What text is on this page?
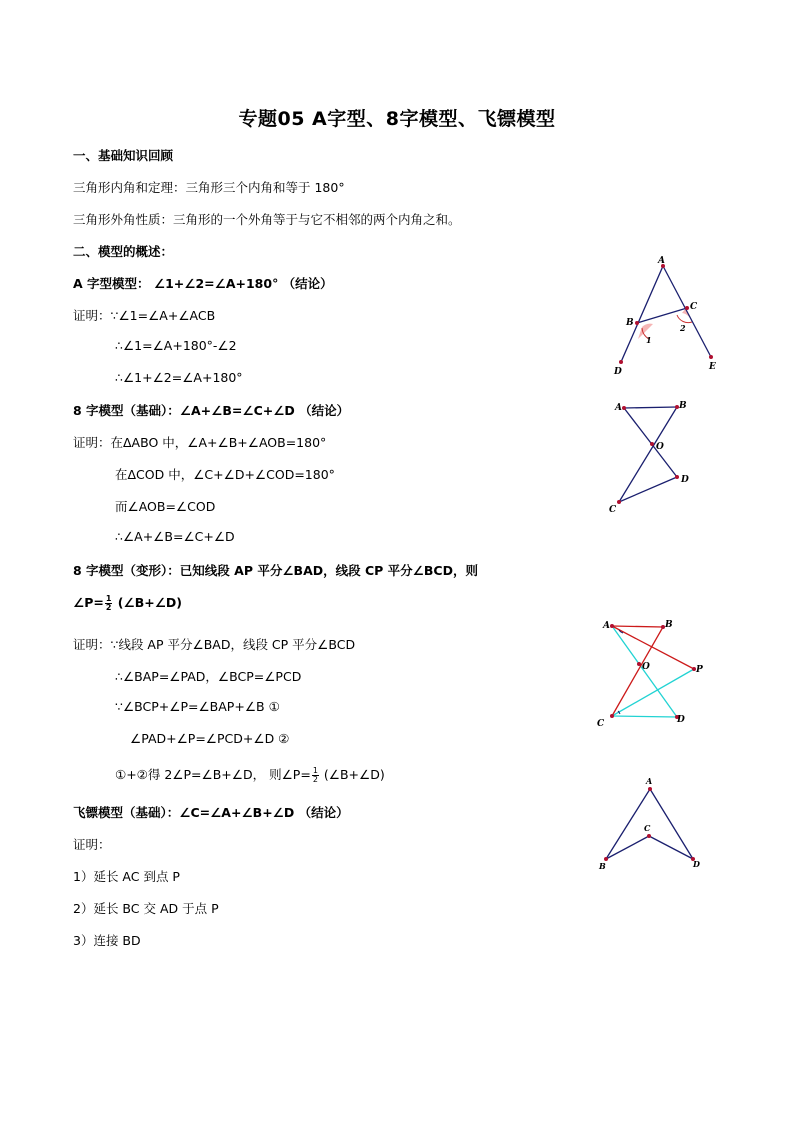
专题05 A字型、8字模型、飞镖模型
一、基础知识回顾
三角形内角和定理：三角形三个内角和等于 180°
三角形外角性质：三角形的一个外角等于与它不相邻的两个内角之和。
二、模型的概述：
A 字型模型： ∠1+∠2=∠A+180° （结论）
证明：∵∠1=∠A+∠ACB
∴∠1=∠A+180°-∠2
∴∠1+∠2=∠A+180°
8 字模型（基础）：∠A+∠B=∠C+∠D （结论）
证明：在ΔABO 中，∠A+∠B+∠AOB=180°
在ΔCOD 中，∠C+∠D+∠COD=180°
而∠AOB=∠COD
∴∠A+∠B=∠C+∠D
8 字模型（变形）：已知线段 AP 平分∠BAD，线段 CP 平分∠BCD，则
∠P= $\frac{1}{2}$ (∠B+∠D)
证明：∵线段 AP 平分∠BAD，线段 CP 平分∠BCD
∴∠BAP=∠PAD，∠BCP=∠PCD
∵∠BCP+∠P=∠BAP+∠B ①
∠PAD+∠P=∠PCD+∠D ②
①+②得 2∠P=∠B+∠D， 则∠P= $\frac{1}{2}$ (∠B+∠D)
飞镖模型（基础）：∠C=∠A+∠B+∠D （结论）
证明：
1）延长 AC 到点 P
2）延长 BC 交 AD 于点 P
3）连接 BD
A
B
C
D	E
1
2
A	B
O
D
C
A	B
O	P
C	D
A
C
B	D
